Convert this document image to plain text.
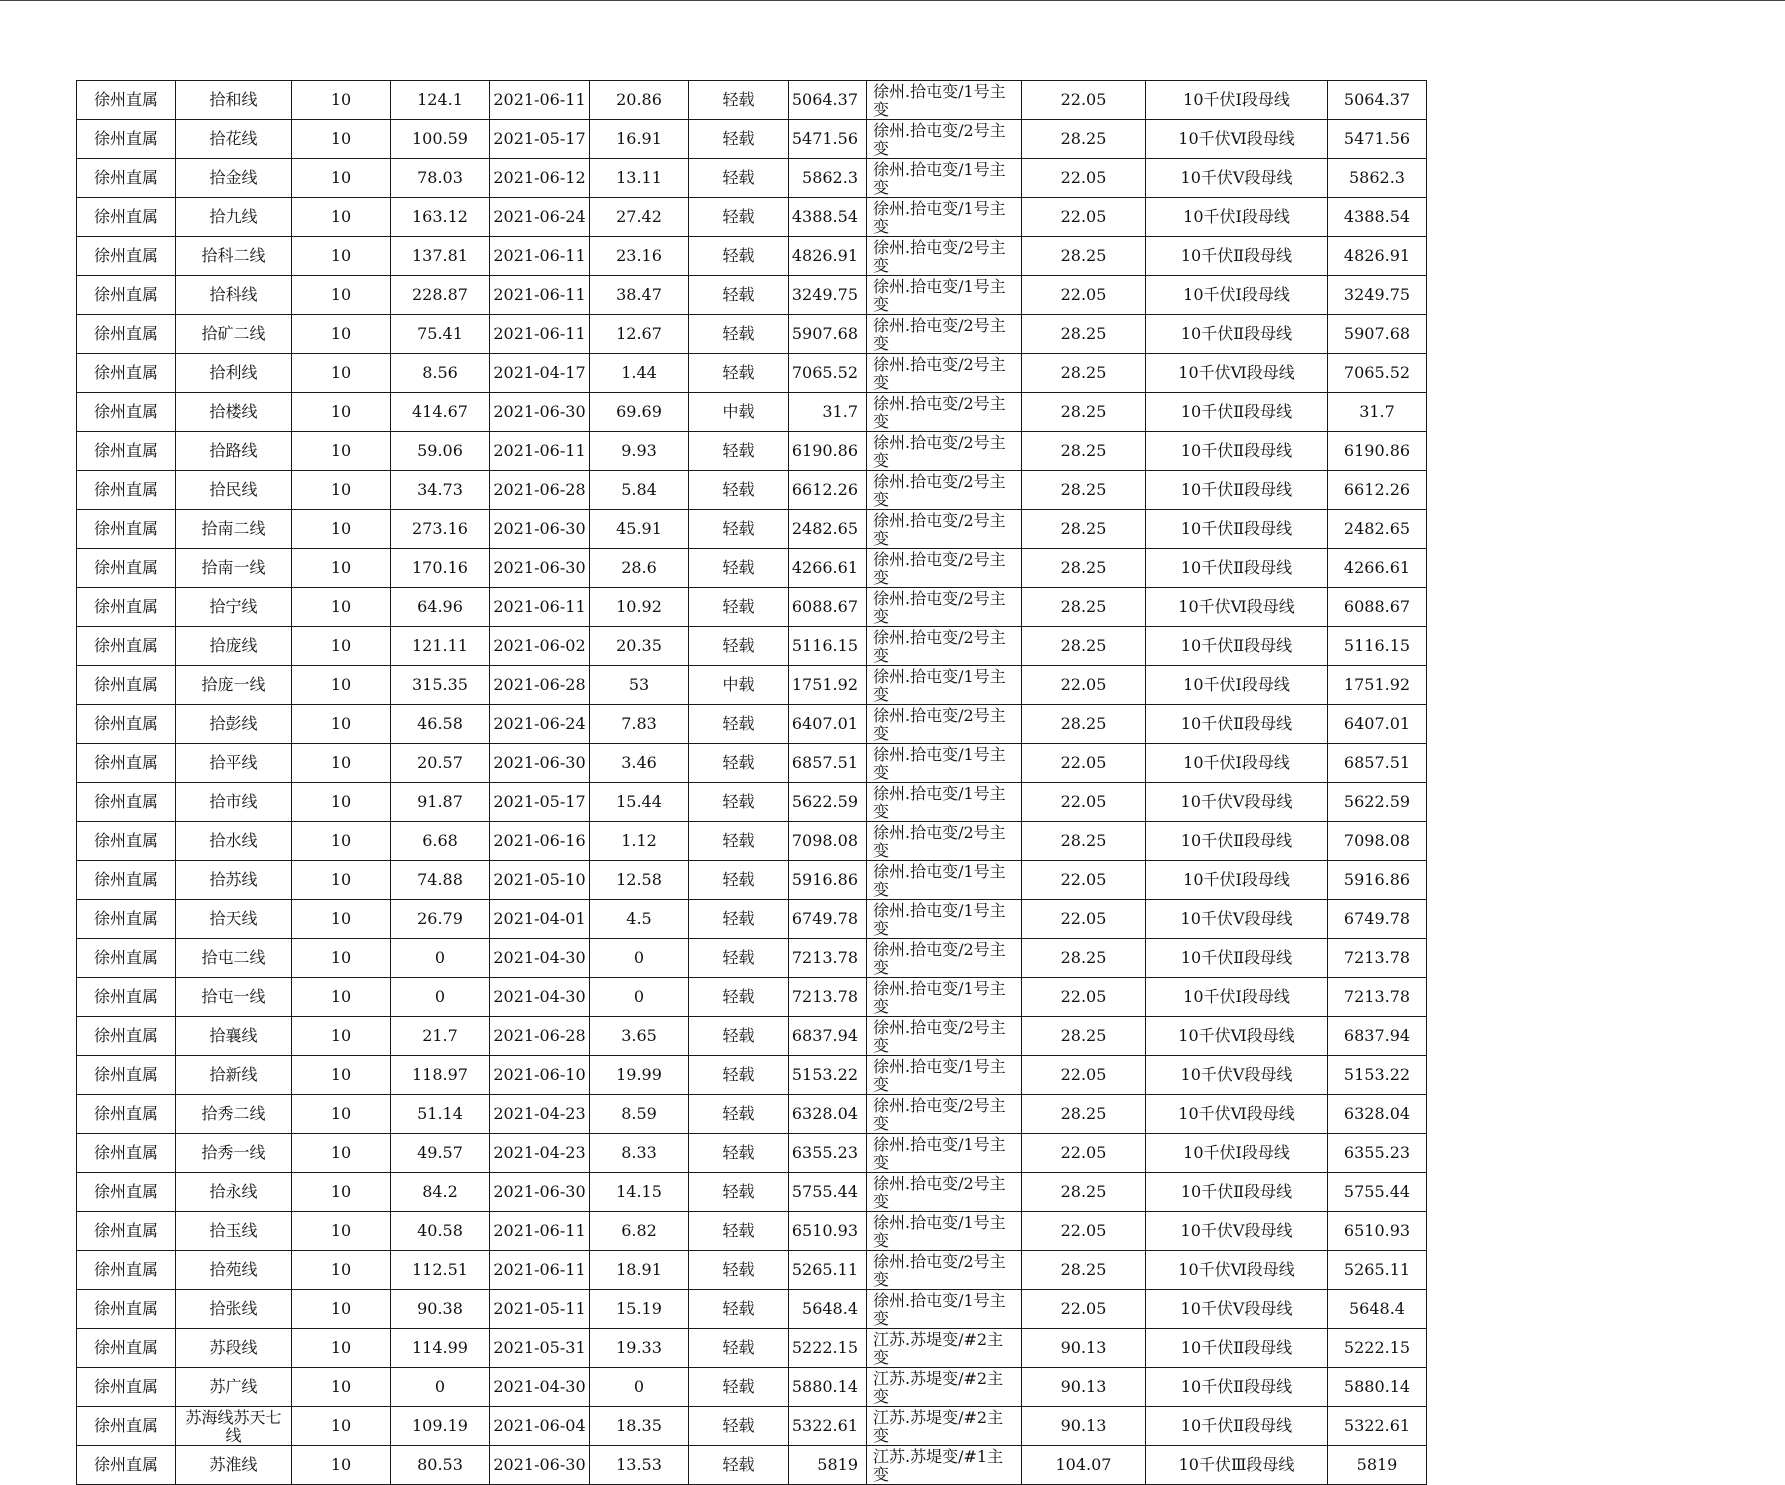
徐州直属	拾和线	10	124.1	2021-06-11	20.86	轻载	5064.37	徐州.拾屯变/1号主变	22.05	10千伏Ⅰ段母线	5064.37
徐州直属	拾花线	10	100.59	2021-05-17	16.91	轻载	5471.56	徐州.拾屯变/2号主变	28.25	10千伏Ⅵ段母线	5471.56
徐州直属	拾金线	10	78.03	2021-06-12	13.11	轻载	5862.3	徐州.拾屯变/1号主变	22.05	10千伏Ⅴ段母线	5862.3
徐州直属	拾九线	10	163.12	2021-06-24	27.42	轻载	4388.54	徐州.拾屯变/1号主变	22.05	10千伏Ⅰ段母线	4388.54
徐州直属	拾科二线	10	137.81	2021-06-11	23.16	轻载	4826.91	徐州.拾屯变/2号主变	28.25	10千伏Ⅱ段母线	4826.91
徐州直属	拾科线	10	228.87	2021-06-11	38.47	轻载	3249.75	徐州.拾屯变/1号主变	22.05	10千伏Ⅰ段母线	3249.75
徐州直属	拾矿二线	10	75.41	2021-06-11	12.67	轻载	5907.68	徐州.拾屯变/2号主变	28.25	10千伏Ⅱ段母线	5907.68
徐州直属	拾利线	10	8.56	2021-04-17	1.44	轻载	7065.52	徐州.拾屯变/2号主变	28.25	10千伏Ⅵ段母线	7065.52
徐州直属	拾楼线	10	414.67	2021-06-30	69.69	中载	31.7	徐州.拾屯变/2号主变	28.25	10千伏Ⅱ段母线	31.7
徐州直属	拾路线	10	59.06	2021-06-11	9.93	轻载	6190.86	徐州.拾屯变/2号主变	28.25	10千伏Ⅱ段母线	6190.86
徐州直属	拾民线	10	34.73	2021-06-28	5.84	轻载	6612.26	徐州.拾屯变/2号主变	28.25	10千伏Ⅱ段母线	6612.26
徐州直属	拾南二线	10	273.16	2021-06-30	45.91	轻载	2482.65	徐州.拾屯变/2号主变	28.25	10千伏Ⅱ段母线	2482.65
徐州直属	拾南一线	10	170.16	2021-06-30	28.6	轻载	4266.61	徐州.拾屯变/2号主变	28.25	10千伏Ⅱ段母线	4266.61
徐州直属	拾宁线	10	64.96	2021-06-11	10.92	轻载	6088.67	徐州.拾屯变/2号主变	28.25	10千伏Ⅵ段母线	6088.67
徐州直属	拾庞线	10	121.11	2021-06-02	20.35	轻载	5116.15	徐州.拾屯变/2号主变	28.25	10千伏Ⅱ段母线	5116.15
徐州直属	拾庞一线	10	315.35	2021-06-28	53	中载	1751.92	徐州.拾屯变/1号主变	22.05	10千伏Ⅰ段母线	1751.92
徐州直属	拾彭线	10	46.58	2021-06-24	7.83	轻载	6407.01	徐州.拾屯变/2号主变	28.25	10千伏Ⅱ段母线	6407.01
徐州直属	拾平线	10	20.57	2021-06-30	3.46	轻载	6857.51	徐州.拾屯变/1号主变	22.05	10千伏Ⅰ段母线	6857.51
徐州直属	拾市线	10	91.87	2021-05-17	15.44	轻载	5622.59	徐州.拾屯变/1号主变	22.05	10千伏Ⅴ段母线	5622.59
徐州直属	拾水线	10	6.68	2021-06-16	1.12	轻载	7098.08	徐州.拾屯变/2号主变	28.25	10千伏Ⅱ段母线	7098.08
徐州直属	拾苏线	10	74.88	2021-05-10	12.58	轻载	5916.86	徐州.拾屯变/1号主变	22.05	10千伏Ⅰ段母线	5916.86
徐州直属	拾天线	10	26.79	2021-04-01	4.5	轻载	6749.78	徐州.拾屯变/1号主变	22.05	10千伏Ⅴ段母线	6749.78
徐州直属	拾屯二线	10	0	2021-04-30	0	轻载	7213.78	徐州.拾屯变/2号主变	28.25	10千伏Ⅱ段母线	7213.78
徐州直属	拾屯一线	10	0	2021-04-30	0	轻载	7213.78	徐州.拾屯变/1号主变	22.05	10千伏Ⅰ段母线	7213.78
徐州直属	拾襄线	10	21.7	2021-06-28	3.65	轻载	6837.94	徐州.拾屯变/2号主变	28.25	10千伏Ⅵ段母线	6837.94
徐州直属	拾新线	10	118.97	2021-06-10	19.99	轻载	5153.22	徐州.拾屯变/1号主变	22.05	10千伏Ⅴ段母线	5153.22
徐州直属	拾秀二线	10	51.14	2021-04-23	8.59	轻载	6328.04	徐州.拾屯变/2号主变	28.25	10千伏Ⅵ段母线	6328.04
徐州直属	拾秀一线	10	49.57	2021-04-23	8.33	轻载	6355.23	徐州.拾屯变/1号主变	22.05	10千伏Ⅰ段母线	6355.23
徐州直属	拾永线	10	84.2	2021-06-30	14.15	轻载	5755.44	徐州.拾屯变/2号主变	28.25	10千伏Ⅱ段母线	5755.44
徐州直属	拾玉线	10	40.58	2021-06-11	6.82	轻载	6510.93	徐州.拾屯变/1号主变	22.05	10千伏Ⅴ段母线	6510.93
徐州直属	拾苑线	10	112.51	2021-06-11	18.91	轻载	5265.11	徐州.拾屯变/2号主变	28.25	10千伏Ⅵ段母线	5265.11
徐州直属	拾张线	10	90.38	2021-05-11	15.19	轻载	5648.4	徐州.拾屯变/1号主变	22.05	10千伏Ⅴ段母线	5648.4
徐州直属	苏段线	10	114.99	2021-05-31	19.33	轻载	5222.15	江苏.苏堤变/#2主变	90.13	10千伏Ⅱ段母线	5222.15
徐州直属	苏广线	10	0	2021-04-30	0	轻载	5880.14	江苏.苏堤变/#2主变	90.13	10千伏Ⅱ段母线	5880.14
徐州直属	苏海线苏天七线	10	109.19	2021-06-04	18.35	轻载	5322.61	江苏.苏堤变/#2主变	90.13	10千伏Ⅱ段母线	5322.61
徐州直属	苏淮线	10	80.53	2021-06-30	13.53	轻载	5819	江苏.苏堤变/#1主变	104.07	10千伏Ⅲ段母线	5819
